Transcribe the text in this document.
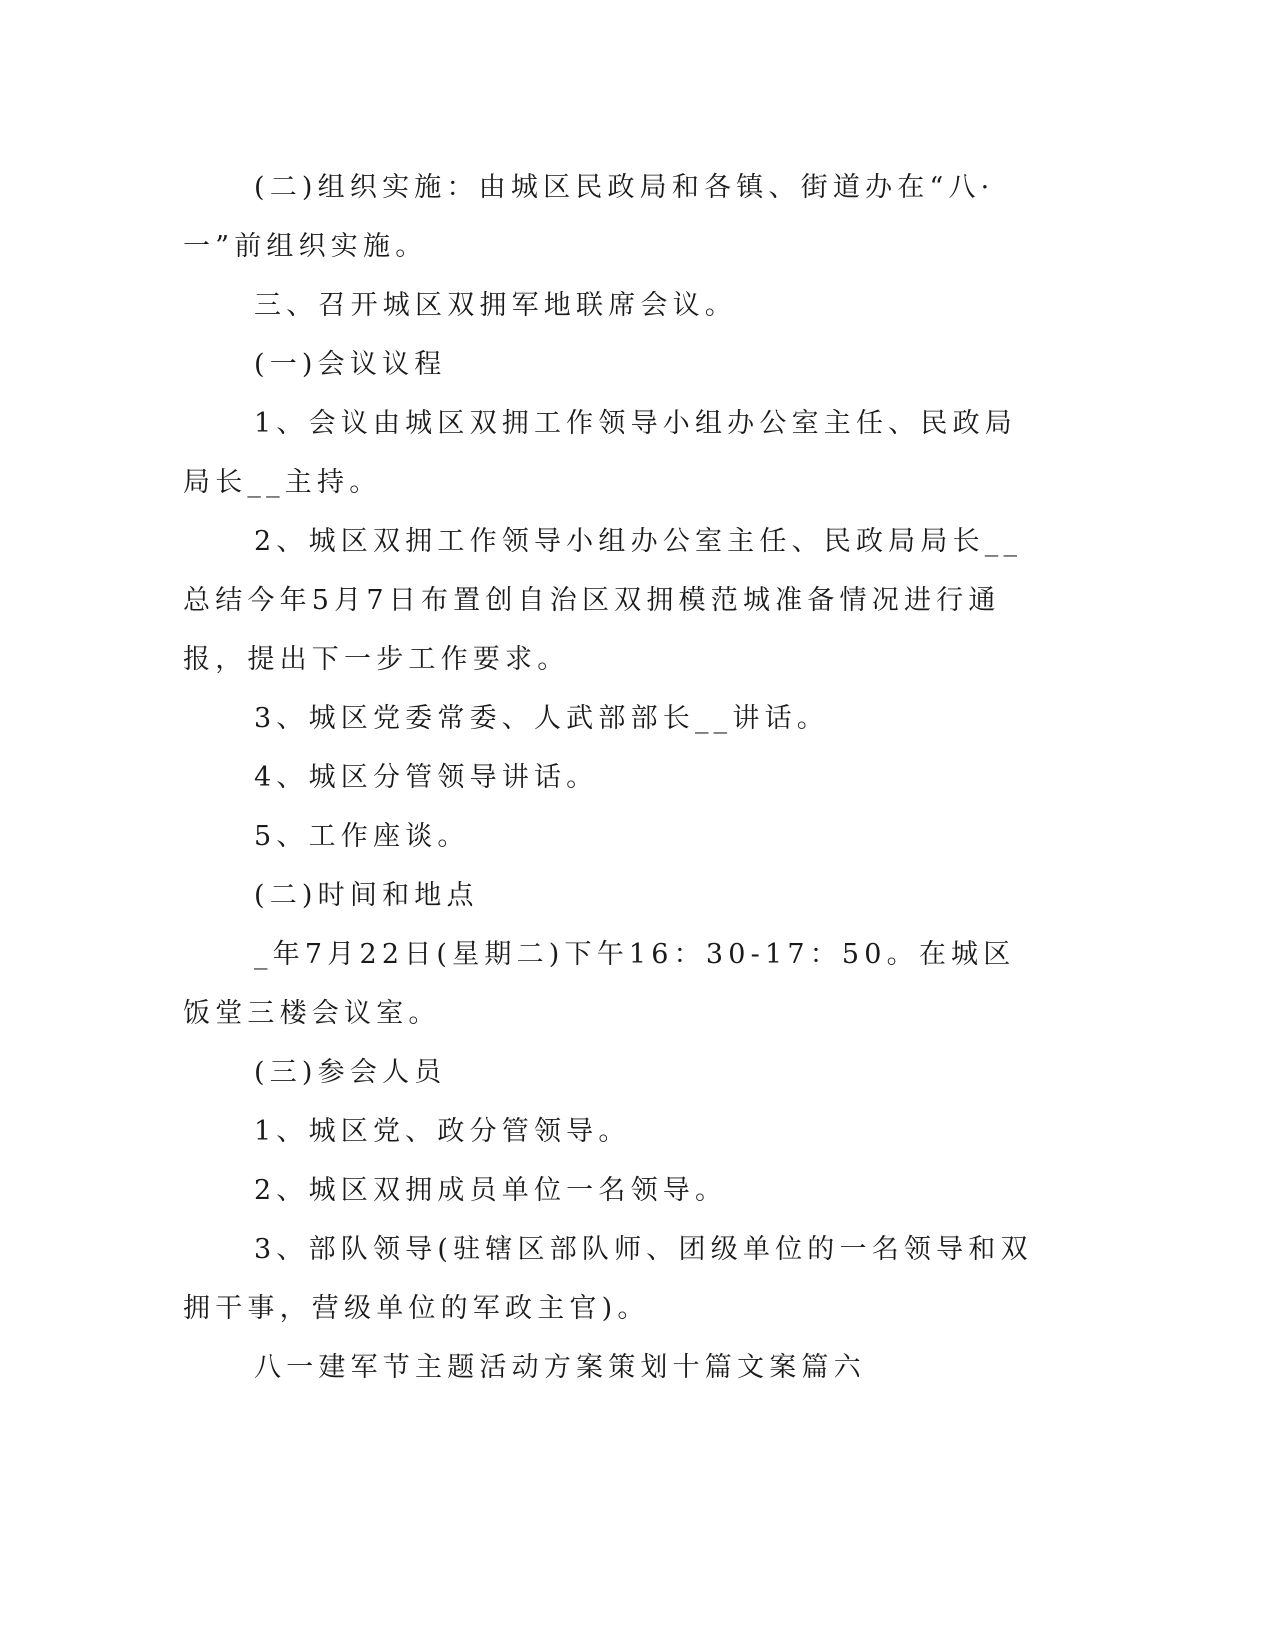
(二)组织实施：由城区民政局和各镇、街道办在“八·一”前组织实施。

三、召开城区双拥军地联席会议。

(一)会议议程

1、会议由城区双拥工作领导小组办公室主任、民政局局长__主持。

2、城区双拥工作领导小组办公室主任、民政局局长__总结今年5月7日布置创自治区双拥模范城准备情况进行通报，提出下一步工作要求。

3、城区党委常委、人武部部长__讲话。

4、城区分管领导讲话。

5、工作座谈。

(二)时间和地点

_年7月22日(星期二)下午16：30-17：50。在城区饭堂三楼会议室。

(三)参会人员

1、城区党、政分管领导。

2、城区双拥成员单位一名领导。

3、部队领导(驻辖区部队师、团级单位的一名领导和双拥干事，营级单位的军政主官)。

八一建军节主题活动方案策划十篇文案篇六
